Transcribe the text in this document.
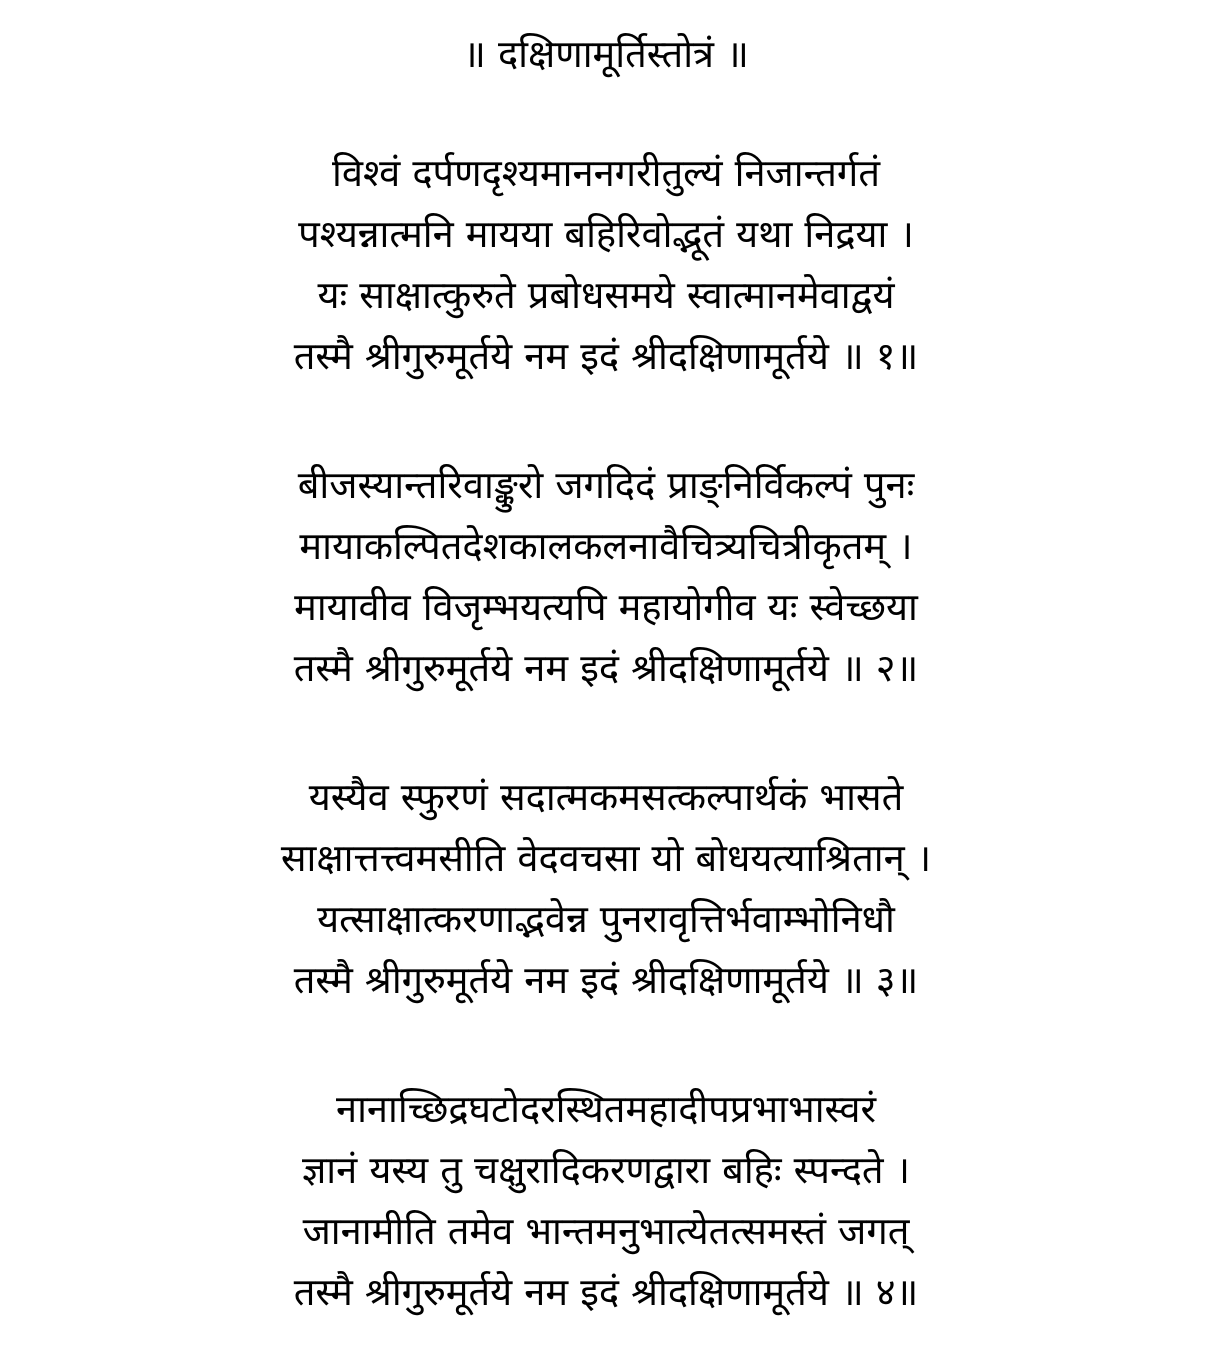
॥ दक्षिणामूर्तिस्तोत्रं ॥
विश्वं दर्पणदृश्यमाननगरीतुल्यं निजान्तर्गतं
पश्यन्नात्मनि मायया बहिरिवोद्भूतं यथा निद्रया ।
यः साक्षात्कुरुते प्रबोधसमये स्वात्मानमेवाद्वयं
तस्मै श्रीगुरुमूर्तये नम इदं श्रीदक्षिणामूर्तये ॥ १॥
बीजस्यान्तरिवाङ्कुरो जगदिदं प्राङ्निर्विकल्पं पुनः
मायाकल्पितदेशकालकलनावैचित्र्यचित्रीकृतम् ।
मायावीव विजृम्भयत्यपि महायोगीव यः स्वेच्छया
तस्मै श्रीगुरुमूर्तये नम इदं श्रीदक्षिणामूर्तये ॥ २॥
यस्यैव स्फुरणं सदात्मकमसत्कल्पार्थकं भासते
साक्षात्तत्त्वमसीति वेदवचसा यो बोधयत्याश्रितान् ।
यत्साक्षात्करणाद्भवेन्न पुनरावृत्तिर्भवाम्भोनिधौ
तस्मै श्रीगुरुमूर्तये नम इदं श्रीदक्षिणामूर्तये ॥ ३॥
नानाच्छिद्रघटोदरस्थितमहादीपप्रभाभास्वरं
ज्ञानं यस्य तु चक्षुरादिकरणद्वारा बहिः स्पन्दते ।
जानामीति तमेव भान्तमनुभात्येतत्समस्तं जगत्
तस्मै श्रीगुरुमूर्तये नम इदं श्रीदक्षिणामूर्तये ॥ ४॥
